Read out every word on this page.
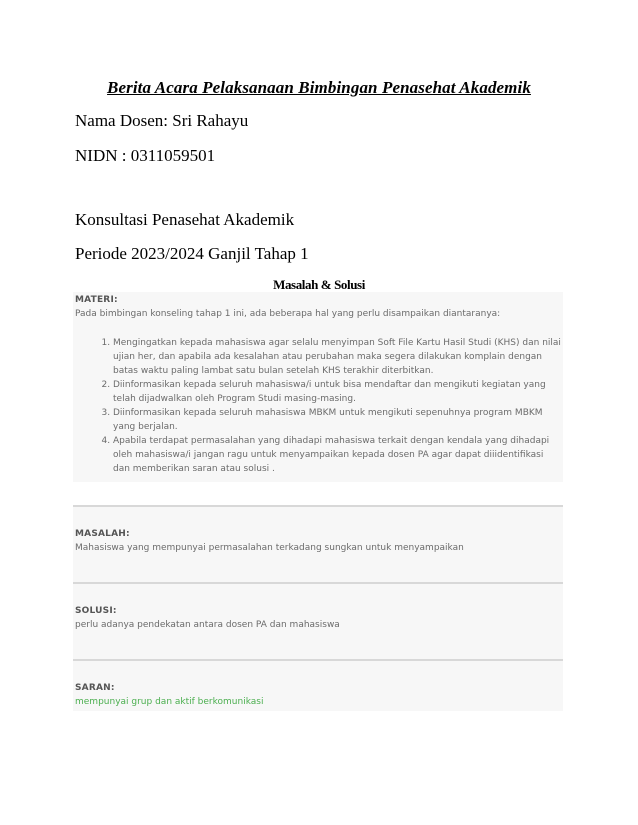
Berita Acara Pelaksanaan Bimbingan Penasehat Akademik
Nama Dosen: Sri Rahayu
NIDN : 0311059501
Konsultasi Penasehat Akademik
Periode 2023/2024 Ganjil Tahap 1
Masalah & Solusi
MATERI:
Pada bimbingan konseling tahap 1 ini, ada beberapa hal yang perlu disampaikan diantaranya:
1. Mengingatkan kepada mahasiswa agar selalu menyimpan Soft File Kartu Hasil Studi (KHS) dan nilai ujian her, dan apabila ada kesalahan atau perubahan maka segera dilakukan komplain dengan batas waktu paling lambat satu bulan setelah KHS terakhir diterbitkan.
2. Diinformasikan kepada seluruh mahasiswa/i untuk bisa mendaftar dan mengikuti kegiatan yang telah dijadwalkan oleh Program Studi masing-masing.
3. Diinformasikan kepada seluruh mahasiswa MBKM untuk mengikuti sepenuhnya program MBKM yang berjalan.
4. Apabila terdapat permasalahan yang dihadapi mahasiswa terkait dengan kendala yang dihadapi oleh mahasiswa/i jangan ragu untuk menyampaikan kepada dosen PA agar dapat diiidentifikasi dan memberikan saran atau solusi .
MASALAH:
Mahasiswa yang mempunyai permasalahan terkadang sungkan untuk menyampaikan
SOLUSI:
perlu adanya pendekatan antara dosen PA dan mahasiswa
SARAN:
mempunyai grup dan aktif berkomunikasi
